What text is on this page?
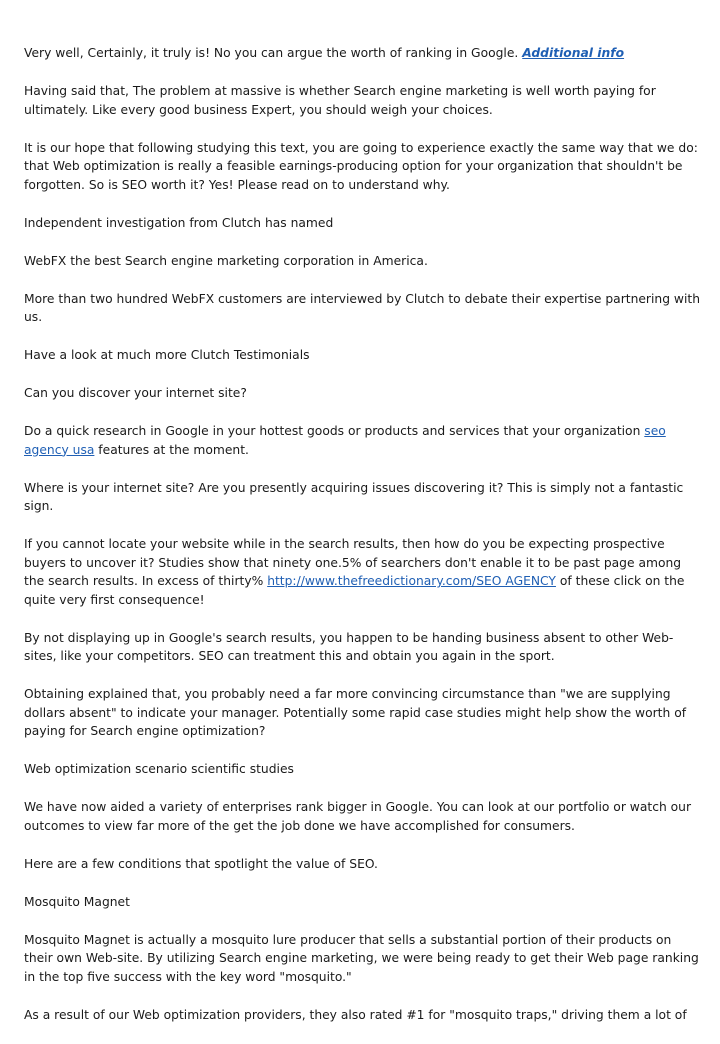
Very well, Certainly, it truly is! No you can argue the worth of ranking in Google. Additional info

Having said that, The problem at massive is whether Search engine marketing is well worth paying for ultimately. Like every good business Expert, you should weigh your choices.

It is our hope that following studying this text, you are going to experience exactly the same way that we do: that Web optimization is really a feasible earnings-producing option for your organization that shouldn't be forgotten. So is SEO worth it? Yes! Please read on to understand why.

Independent investigation from Clutch has named

WebFX the best Search engine marketing corporation in America.

More than two hundred WebFX customers are interviewed by Clutch to debate their expertise partnering with us.

Have a look at much more Clutch Testimonials

Can you discover your internet site?

Do a quick research in Google in your hottest goods or products and services that your organization seo agency usa features at the moment.

Where is your internet site? Are you presently acquiring issues discovering it? This is simply not a fantastic sign.

If you cannot locate your website while in the search results, then how do you be expecting prospective buyers to uncover it? Studies show that ninety one.5% of searchers don't enable it to be past page among the search results. In excess of thirty% http://www.thefreedictionary.com/SEO AGENCY of these click on the quite very first consequence!

By not displaying up in Google's search results, you happen to be handing business absent to other Web-sites, like your competitors. SEO can treatment this and obtain you again in the sport.

Obtaining explained that, you probably need a far more convincing circumstance than "we are supplying dollars absent" to indicate your manager. Potentially some rapid case studies might help show the worth of paying for Search engine optimization?

Web optimization scenario scientific studies

We have now aided a variety of enterprises rank bigger in Google. You can look at our portfolio or watch our outcomes to view far more of the get the job done we have accomplished for consumers.

Here are a few conditions that spotlight the value of SEO.

Mosquito Magnet

Mosquito Magnet is actually a mosquito lure producer that sells a substantial portion of their products on their own Web-site. By utilizing Search engine marketing, we were being ready to get their Web page ranking in the top five success with the key word "mosquito."

As a result of our Web optimization providers, they also rated #1 for "mosquito traps," driving them a lot of
